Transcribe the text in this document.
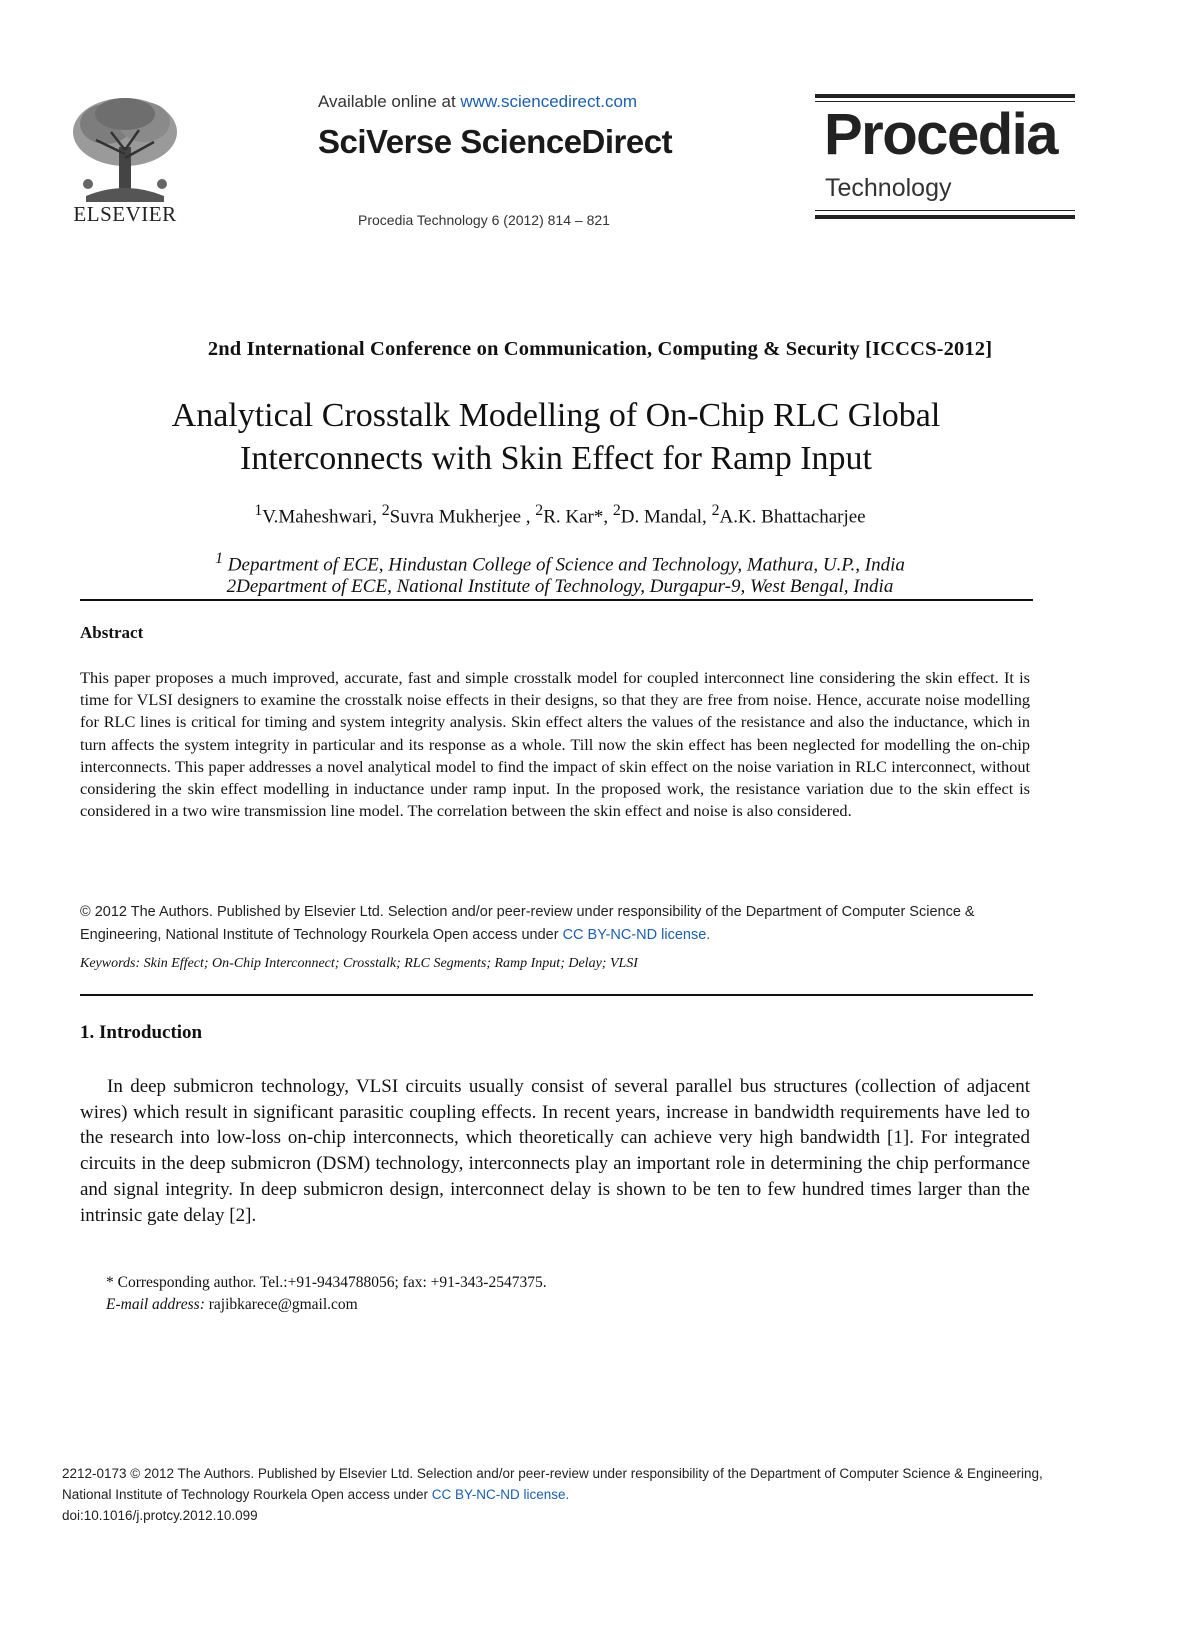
ELSEVIER
Available online at www.sciencedirect.com
SciVerse ScienceDirect
Procedia Technology 6 (2012) 814 – 821
Procedia
Technology
2nd International Conference on Communication, Computing & Security [ICCCS-2012]
Analytical Crosstalk Modelling of On-Chip RLC Global
Interconnects with Skin Effect for Ramp Input
$^1$V.Maheshwari, $^2$Suvra Mukherjee , $^2$R. Kar*, $^2$D. Mandal, $^2$A.K. Bhattacharjee
$^1$ Department of ECE, Hindustan College of Science and Technology, Mathura, U.P., India
2Department of ECE, National Institute of Technology, Durgapur-9, West Bengal, India
Abstract
This paper proposes a much improved, accurate, fast and simple crosstalk model for coupled interconnect line considering the skin effect. It is time for VLSI designers to examine the crosstalk noise effects in their designs, so that they are free from noise. Hence, accurate noise modelling for RLC lines is critical for timing and system integrity analysis. Skin effect alters the values of the resistance and also the inductance, which in turn affects the system integrity in particular and its response as a whole. Till now the skin effect has been neglected for modelling the on-chip interconnects. This paper addresses a novel analytical model to find the impact of skin effect on the noise variation in RLC interconnect, without considering the skin effect modelling in inductance under ramp input. In the proposed work, the resistance variation due to the skin effect is considered in a two wire transmission line model. The correlation between the skin effect and noise is also considered.
© 2012 The Authors. Published by Elsevier Ltd. Selection and/or peer-review under responsibility of the Department of Computer Science & Engineering, National Institute of Technology Rourkela Open access under CC BY-NC-ND license.
Keywords: Skin Effect; On-Chip Interconnect; Crosstalk; RLC Segments; Ramp Input; Delay; VLSI
1. Introduction
In deep submicron technology, VLSI circuits usually consist of several parallel bus structures (collection of adjacent wires) which result in significant parasitic coupling effects. In recent years, increase in bandwidth requirements have led to the research into low-loss on-chip interconnects, which theoretically can achieve very high bandwidth [1]. For integrated circuits in the deep submicron (DSM) technology, interconnects play an important role in determining the chip performance and signal integrity. In deep submicron design, interconnect delay is shown to be ten to few hundred times larger than the intrinsic gate delay [2].
* Corresponding author. Tel.:+91-9434788056; fax: +91-343-2547375.
E-mail address: rajibkarece@gmail.com
2212-0173 © 2012 The Authors. Published by Elsevier Ltd. Selection and/or peer-review under responsibility of the Department of Computer Science & Engineering, National Institute of Technology Rourkela Open access under CC BY-NC-ND license.
doi:10.1016/j.protcy.2012.10.099
